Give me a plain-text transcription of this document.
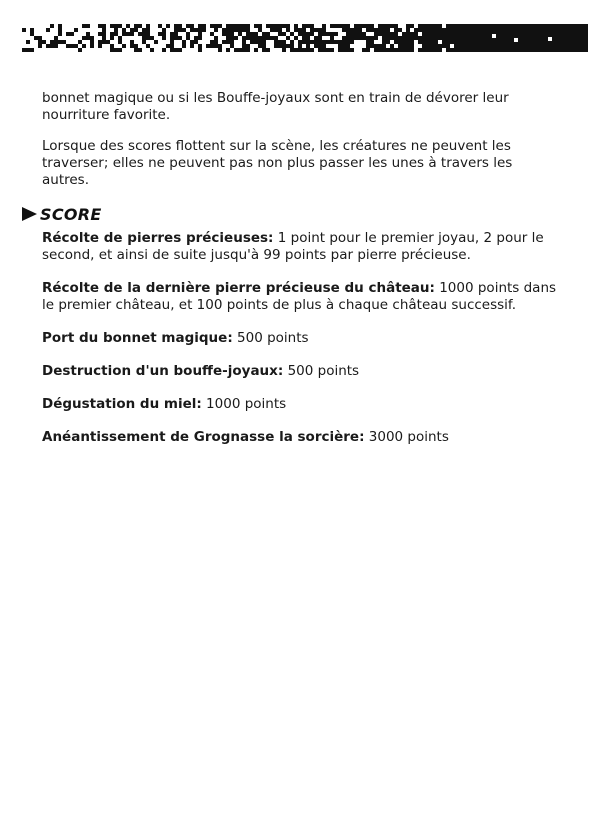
bonnet magique ou si les Bouffe-joyaux sont en train de dévorer leur nourriture favorite.

Lorsque des scores flottent sur la scène, les créatures ne peuvent les traverser; elles ne peuvent pas non plus passer les unes à travers les autres.

SCORE

Récolte de pierres précieuses: 1 point pour le premier joyau, 2 pour le second, et ainsi de suite jusqu'à 99 points par pierre précieuse.

Récolte de la dernière pierre précieuse du château: 1000 points dans le premier château, et 100 points de plus à chaque château successif.

Port du bonnet magique: 500 points

Destruction d'un bouffe-joyaux: 500 points

Dégustation du miel: 1000 points

Anéantissement de Grognasse la sorcière: 3000 points
